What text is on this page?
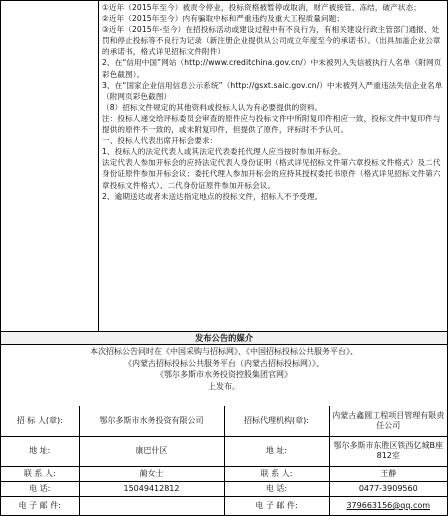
①近年（2015年至今）被责令停业，投标资格被暂停或取消，财产被接管、冻结，破产状态；

②近年（2015年至今）内有骗取中标和严重违约及重大工程质量问题；

③近年（2015年-至今）在招投标活动或建设过程中有不良行为，有相关建设行政主管部门通报、处罚和停止投标等不良行为记录（新注册企业提供从公司成立年度至今的承诺书）。（出具加盖企业公章的承诺书，格式详见招标文件附件）

2、在“信用中国”网站（http://www.creditchina.gov.cn/）中未被列入失信被执行人名单（附网页彩色截图）。

3、在“国家企业信用信息公示系统”（http://gsxt.saic.gov.cn/）中未被列入严重违法失信企业名单（附网页彩色截图）

（8）招标文件规定的其他资料或投标人认为有必要提供的资料。

注：投标人递交给评标委员会审查的原件应与投标文件中所附复印件相应一致，投标文件中复印件与提供的原件不一致的，或未附复印件，但提供了原件，评标时不予认可。

一、投标人代表出席开标会要求：

1、投标人的法定代表人或其法定代表委托代理人应当按时参加开标会。

法定代表人参加开标会的应持法定代表人身份证明（格式详见招标文件第六章投标文件格式）及二代身份证原件参加开标会议；委托代理人参加开标会的应持其授权委托书原件（格式详见招标文件第六章投标文件格式）、二代身份证原件参加开标会议。

2、逾期送达或者未送达指定地点的投标文件，招标人不予受理。

发布公告的媒介

本次招标公告同时在《中国采购与招标网》、《中国招标投标公共服务平台》、

《内蒙古招标投标公共服务平台（内蒙古招标投标网）》、

《鄂尔多斯市水务投资控股集团官网》

上发布。

招 标 人(章):	鄂尔多斯市水务投资有限公司	招标代理机构(章):	内蒙古鑫圆工程项目管理有限责任公司
地 址:	康巴什区	地 址:	鄂尔多斯市东胜区铁西亿城B座812室
联 系 人:	蔺女士	联 系 人:	王静
电 话:	15049412812	电 话:	0477-3909560
电 子 邮 件:		电 子 邮 件:	379663156@qq.com
